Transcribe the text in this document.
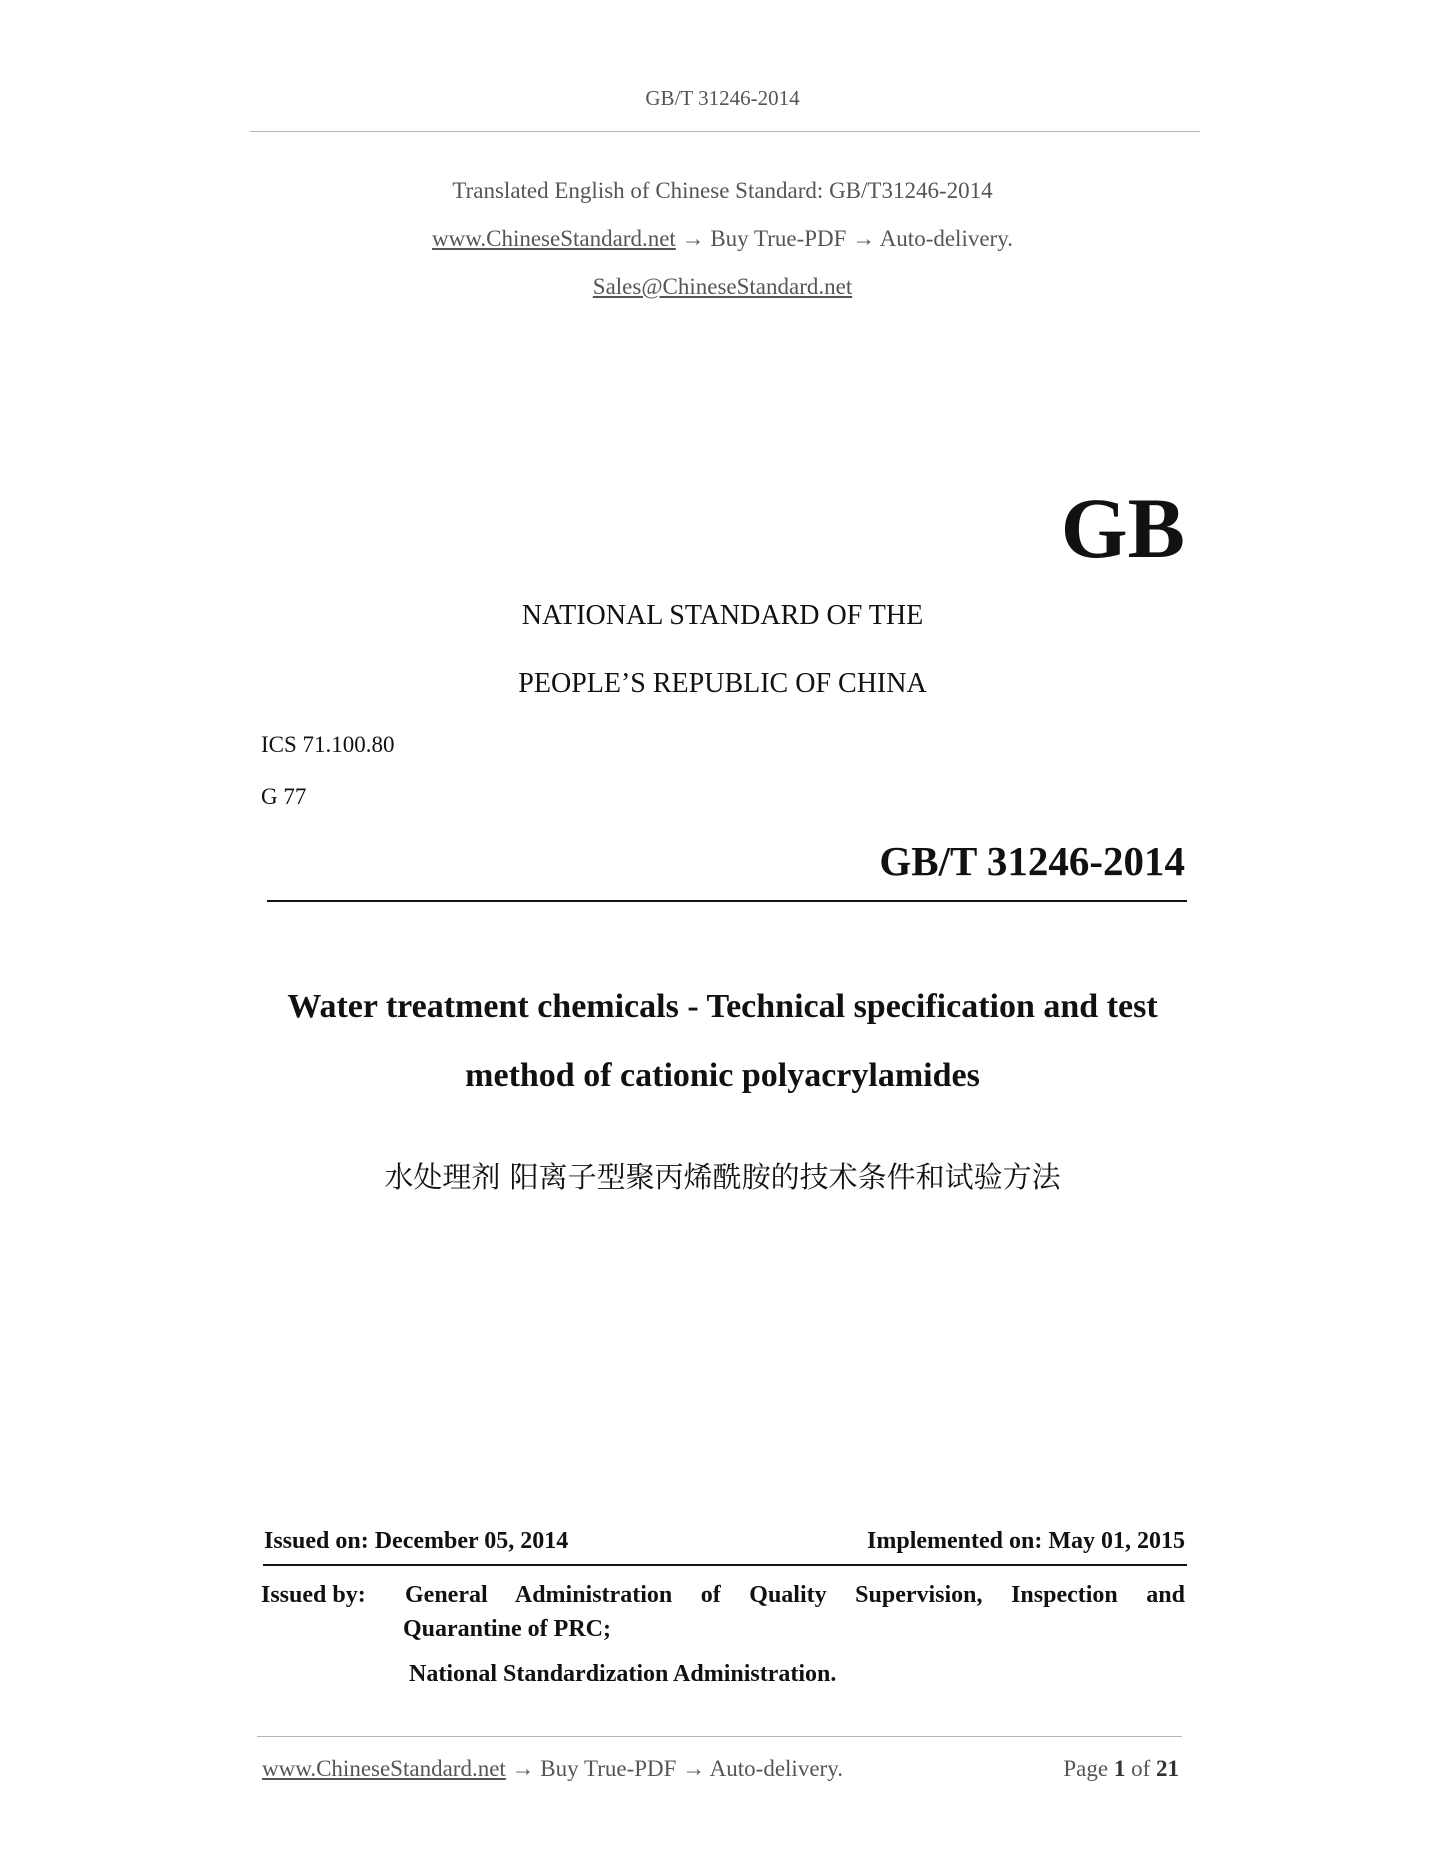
GB/T 31246-2014
Translated English of Chinese Standard: GB/T31246-2014
www.ChineseStandard.net → Buy True-PDF → Auto-delivery.
Sales@ChineseStandard.net
GB
NATIONAL STANDARD OF THE
PEOPLE’S REPUBLIC OF CHINA
ICS 71.100.80
G 77
GB/T 31246-2014
Water treatment chemicals - Technical specification and test
method of cationic polyacrylamides
水处理剂 阳离子型聚丙烯酰胺的技术条件和试验方法
Issued on: December 05, 2014	Implemented on: May 01, 2015
Issued by: General Administration of Quality Supervision, Inspection and
Quarantine of PRC;
National Standardization Administration.
www.ChineseStandard.net → Buy True-PDF → Auto-delivery.	Page 1 of 21
